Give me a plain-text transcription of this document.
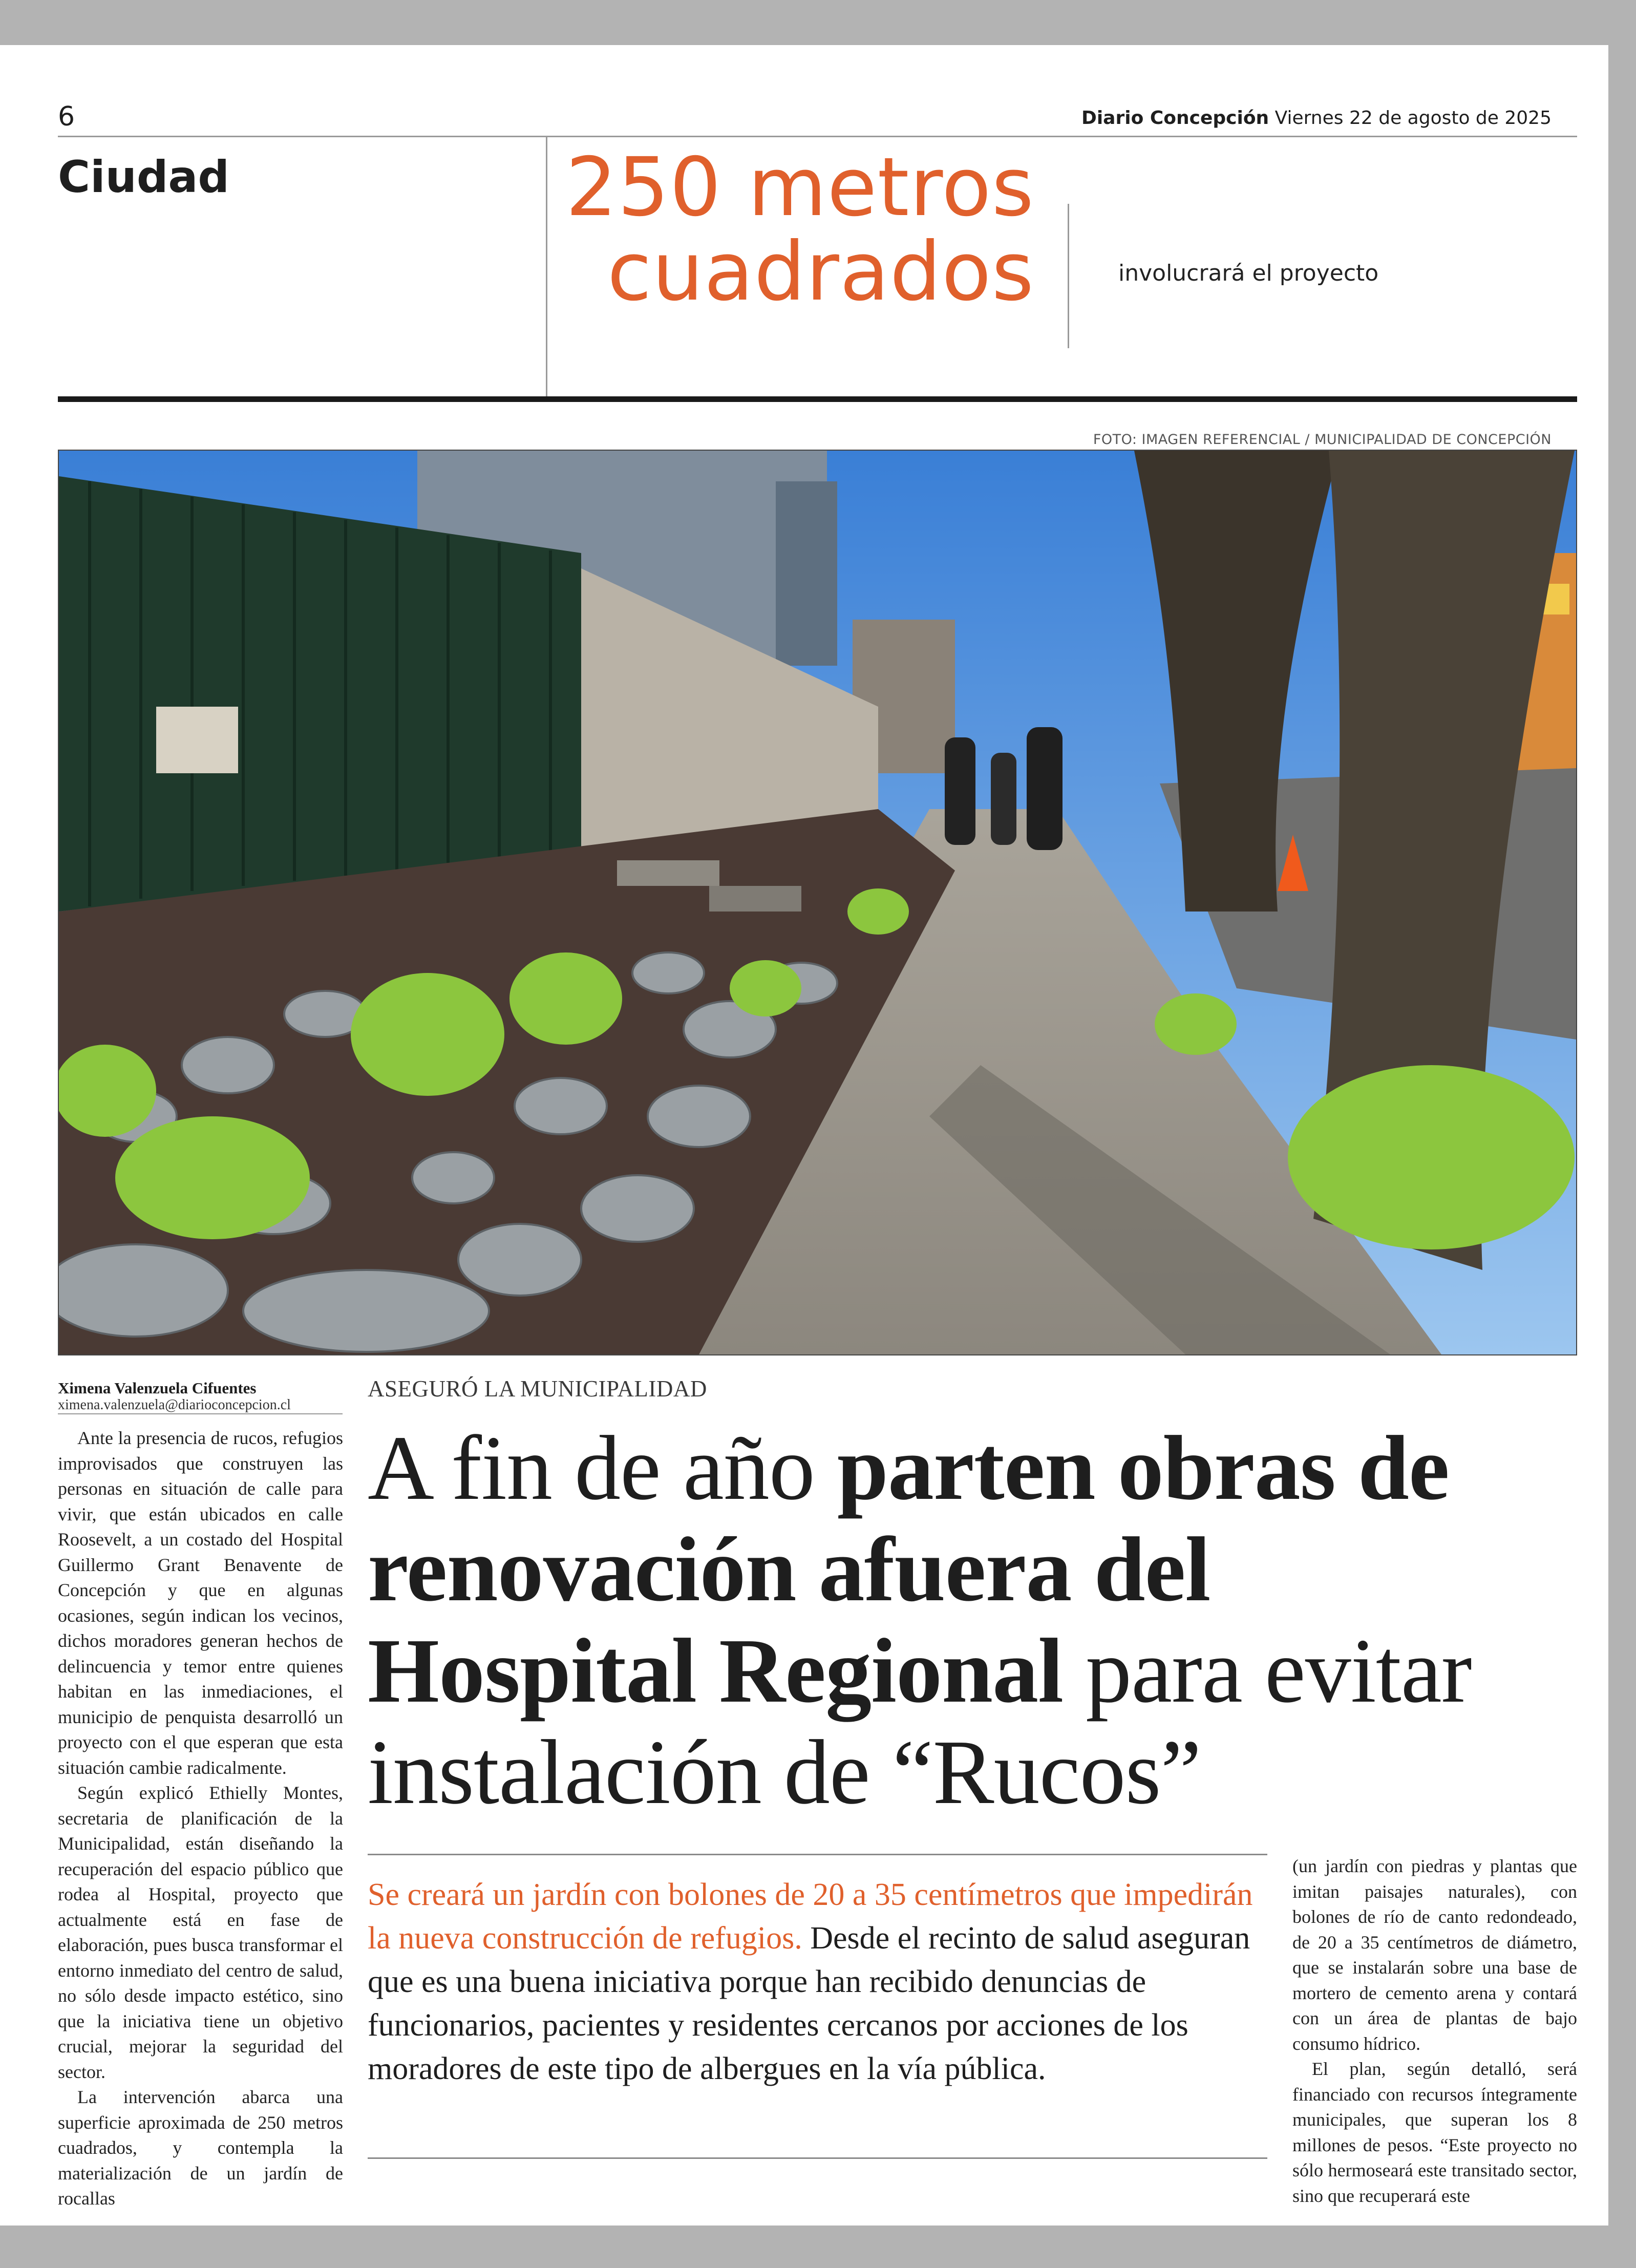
6	Diario Concepción Viernes 22 de agosto de 2025
Ciudad	250 metros
cuadrados	involucrará el proyecto
FOTO: IMAGEN REFERENCIAL / MUNICIPALIDAD DE CONCEPCIÓN
Ximena Valenzuela Cifuentes
ximena.valenzuela@diarioconcepcion.cl

Ante la presencia de rucos, refugios improvisados que construyen las personas en situación de calle para vivir, que están ubicados en calle Roosevelt, a un costado del Hospital Guillermo Grant Benavente de Concepción y que en algunas ocasiones, según indican los vecinos, dichos moradores generan hechos de delincuencia y temor entre quienes habitan en las inmediaciones, el municipio de penquista desarrolló un proyecto con el que esperan que esta situación cambie radicalmente.

Según explicó Ethielly Montes, secretaria de planificación de la Municipalidad, están diseñando la recuperación del espacio público que rodea al Hospital, proyecto que actualmente está en fase de elaboración, pues busca transformar el entorno inmediato del centro de salud, no sólo desde impacto estético, sino que la iniciativa tiene un objetivo crucial, mejorar la seguridad del sector.

La intervención abarca una superficie aproximada de 250 metros cuadrados, y contempla la materialización de un jardín de rocallas

ASEGURÓ LA MUNICIPALIDAD
A fin de año parten obras de renovación afuera del Hospital Regional para evitar instalación de “Rucos”
Se creará un jardín con bolones de 20 a 35 centímetros que impedirán la nueva construcción de refugios. Desde el recinto de salud aseguran que es una buena iniciativa porque han recibido denuncias de funcionarios, pacientes y residentes cercanos por acciones de los moradores de este tipo de albergues en la vía pública.

(un jardín con piedras y plantas que imitan paisajes naturales), con bolones de río de canto redondeado, de 20 a 35 centímetros de diámetro, que se instalarán sobre una base de mortero de cemento arena y contará con un área de plantas de bajo consumo hídrico.

El plan, según detalló, será financiado con recursos íntegramente municipales, que superan los 8 millones de pesos. “Este proyecto no sólo hermoseará este transitado sector, sino que recuperará este
